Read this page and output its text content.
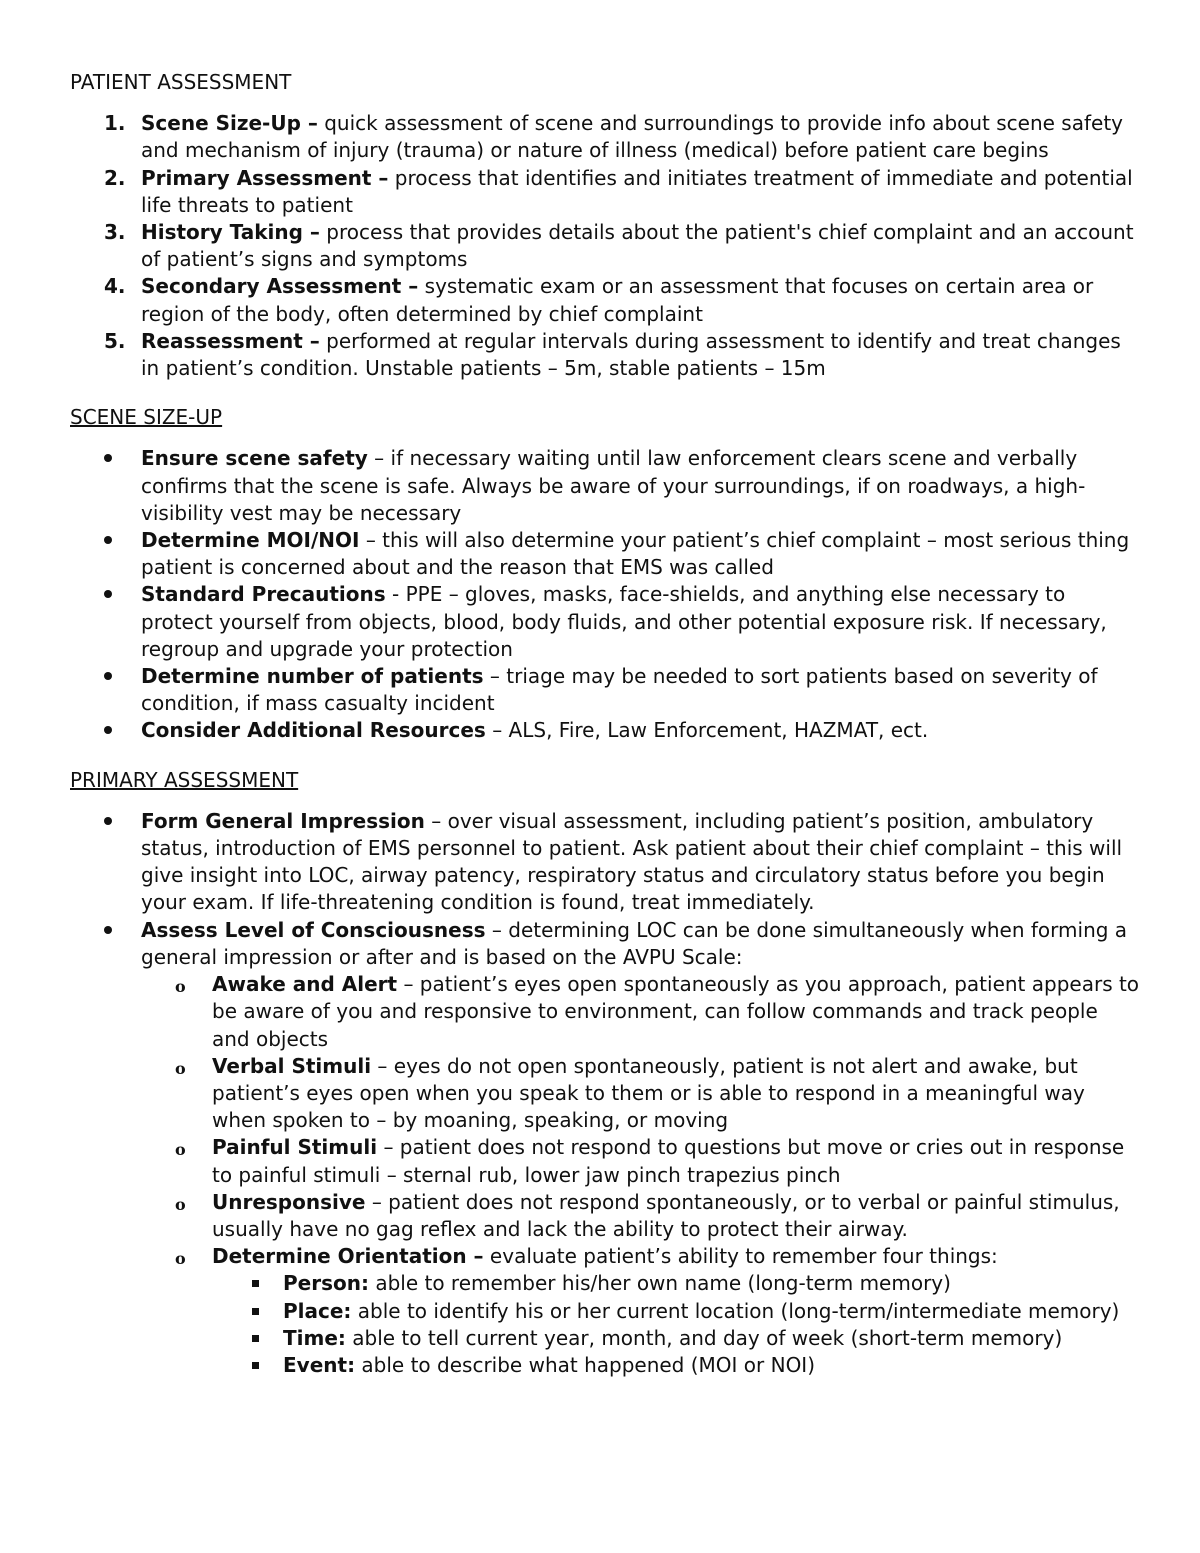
PATIENT ASSESSMENT
1. Scene Size-Up – quick assessment of scene and surroundings to provide info about scene safety and mechanism of injury (trauma) or nature of illness (medical) before patient care begins
2. Primary Assessment – process that identifies and initiates treatment of immediate and potential life threats to patient
3. History Taking – process that provides details about the patient's chief complaint and an account of patient’s signs and symptoms
4. Secondary Assessment – systematic exam or an assessment that focuses on certain area or region of the body, often determined by chief complaint
5. Reassessment – performed at regular intervals during assessment to identify and treat changes in patient’s condition. Unstable patients – 5m, stable patients – 15m
SCENE SIZE-UP
Ensure scene safety – if necessary waiting until law enforcement clears scene and verbally confirms that the scene is safe. Always be aware of your surroundings, if on roadways, a high-visibility vest may be necessary
Determine MOI/NOI – this will also determine your patient’s chief complaint – most serious thing patient is concerned about and the reason that EMS was called
Standard Precautions - PPE – gloves, masks, face-shields, and anything else necessary to protect yourself from objects, blood, body fluids, and other potential exposure risk. If necessary, regroup and upgrade your protection
Determine number of patients – triage may be needed to sort patients based on severity of condition, if mass casualty incident
Consider Additional Resources – ALS, Fire, Law Enforcement, HAZMAT, ect.
PRIMARY ASSESSMENT
Form General Impression – over visual assessment, including patient’s position, ambulatory status, introduction of EMS personnel to patient. Ask patient about their chief complaint – this will give insight into LOC, airway patency, respiratory status and circulatory status before you begin your exam. If life-threatening condition is found, treat immediately.
Assess Level of Consciousness – determining LOC can be done simultaneously when forming a general impression or after and is based on the AVPU Scale:
o Awake and Alert – patient’s eyes open spontaneously as you approach, patient appears to be aware of you and responsive to environment, can follow commands and track people and objects
o Verbal Stimuli – eyes do not open spontaneously, patient is not alert and awake, but patient’s eyes open when you speak to them or is able to respond in a meaningful way when spoken to – by moaning, speaking, or moving
o Painful Stimuli – patient does not respond to questions but move or cries out in response to painful stimuli – sternal rub, lower jaw pinch trapezius pinch
o Unresponsive – patient does not respond spontaneously, or to verbal or painful stimulus, usually have no gag reflex and lack the ability to protect their airway.
o Determine Orientation – evaluate patient’s ability to remember four things:
Person: able to remember his/her own name (long-term memory)
Place: able to identify his or her current location (long-term/intermediate memory)
Time: able to tell current year, month, and day of week (short-term memory)
Event: able to describe what happened (MOI or NOI)
